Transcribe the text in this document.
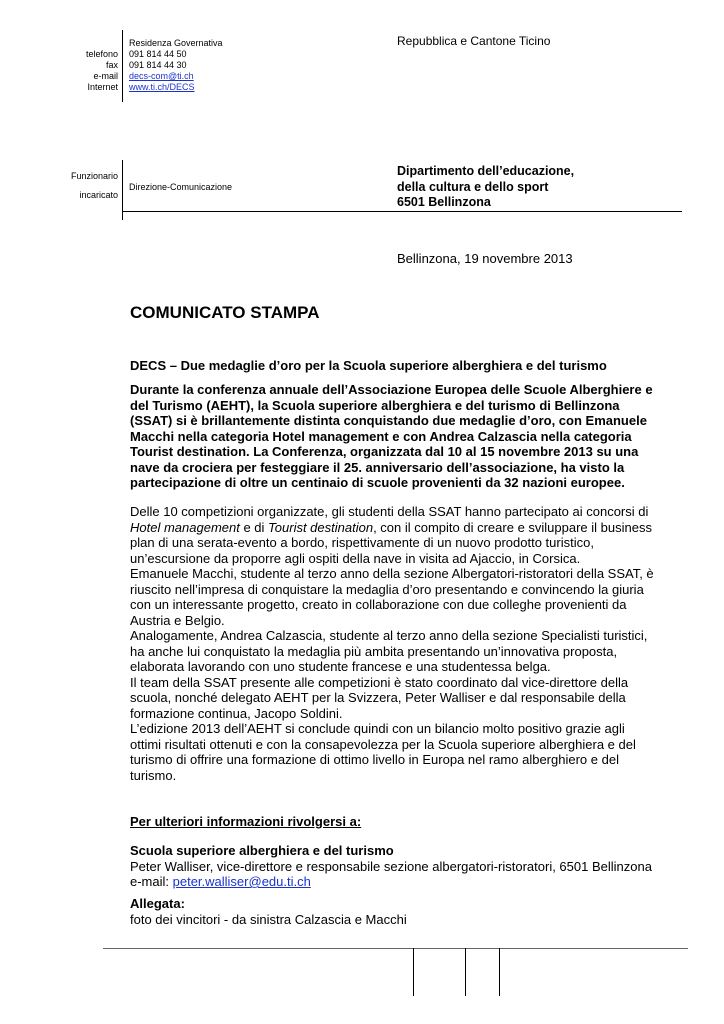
telefono
fax
e-mail
Internet
Residenza Governativa
091 814 44 50
091 814 44 30
decs-com@ti.ch
www.ti.ch/DECS
Repubblica e Cantone Ticino
Funzionario
incaricato
Direzione-Comunicazione
Dipartimento dell’educazione,
della cultura e dello sport
6501 Bellinzona
Bellinzona, 19 novembre 2013
COMUNICATO STAMPA
DECS – Due medaglie d’oro per la Scuola superiore alberghiera e del turismo
Durante la conferenza annuale dell’Associazione Europea delle Scuole Alberghiere e
del Turismo (AEHT), la Scuola superiore alberghiera e del turismo di Bellinzona
(SSAT) si è brillantemente distinta conquistando due medaglie d’oro, con Emanuele
Macchi nella categoria Hotel management e con Andrea Calzascia nella categoria
Tourist destination. La Conferenza, organizzata dal 10 al 15 novembre 2013 su una
nave da crociera per festeggiare il 25. anniversario dell’associazione, ha visto la
partecipazione di oltre un centinaio di scuole provenienti da 32 nazioni europee.
Delle 10 competizioni organizzate, gli studenti della SSAT hanno partecipato ai concorsi di
Hotel management e di Tourist destination, con il compito di creare e sviluppare il business
plan di una serata-evento a bordo, rispettivamente di un nuovo prodotto turistico,
un’escursione da proporre agli ospiti della nave in visita ad Ajaccio, in Corsica.
Emanuele Macchi, studente al terzo anno della sezione Albergatori-ristoratori della SSAT, è
riuscito nell’impresa di conquistare la medaglia d’oro presentando e convincendo la giuria
con un interessante progetto, creato in collaborazione con due colleghe provenienti da
Austria e Belgio.
Analogamente, Andrea Calzascia, studente al terzo anno della sezione Specialisti turistici,
ha anche lui conquistato la medaglia più ambita presentando un’innovativa proposta,
elaborata lavorando con uno studente francese e una studentessa belga.
Il team della SSAT presente alle competizioni è stato coordinato dal vice-direttore della
scuola, nonché delegato AEHT per la Svizzera, Peter Walliser e dal responsabile della
formazione continua, Jacopo Soldini.
L’edizione 2013 dell’AEHT si conclude quindi con un bilancio molto positivo grazie agli
ottimi risultati ottenuti e con la consapevolezza per la Scuola superiore alberghiera e del
turismo di offrire una formazione di ottimo livello in Europa nel ramo alberghiero e del
turismo.
Per ulteriori informazioni rivolgersi a:
Scuola superiore alberghiera e del turismo
Peter Walliser, vice-direttore e responsabile sezione albergatori-ristoratori, 6501 Bellinzona
e-mail: peter.walliser@edu.ti.ch
Allegata:
foto dei vincitori - da sinistra Calzascia e Macchi
